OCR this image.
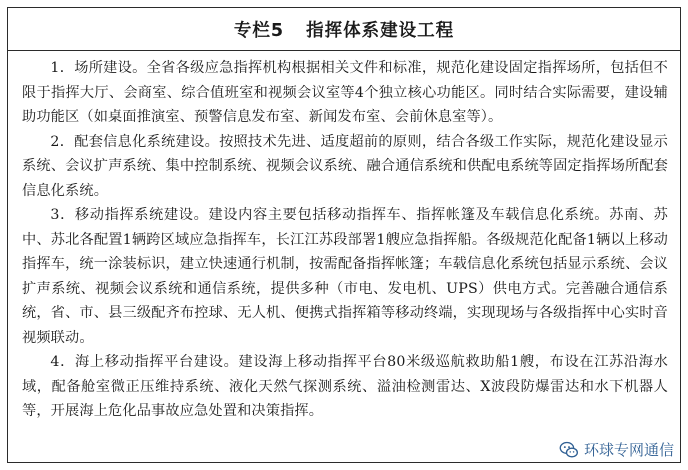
专栏5 指挥体系建设工程

1．场所建设。全省各级应急指挥机构根据相关文件和标准，规范化建设固定指挥场所，包括但不限于指挥大厅、会商室、综合值班室和视频会议室等4个独立核心功能区。同时结合实际需要，建设辅助功能区（如桌面推演室、预警信息发布室、新闻发布室、会前休息室等）。

2．配套信息化系统建设。按照技术先进、适度超前的原则，结合各级工作实际，规范化建设显示系统、会议扩声系统、集中控制系统、视频会议系统、融合通信系统和供配电系统等固定指挥场所配套信息化系统。

3．移动指挥系统建设。建设内容主要包括移动指挥车、指挥帐篷及车载信息化系统。苏南、苏中、苏北各配置1辆跨区域应急指挥车，长江江苏段部署1艘应急指挥船。各级规范化配备1辆以上移动指挥车，统一涂装标识，建立快速通行机制，按需配备指挥帐篷；车载信息化系统包括显示系统、会议扩声系统、视频会议系统和通信系统，提供多种（市电、发电机、UPS）供电方式。完善融合通信系统，省、市、县三级配齐布控球、无人机、便携式指挥箱等移动终端，实现现场与各级指挥中心实时音视频联动。

4．海上移动指挥平台建设。建设海上移动指挥平台80米级巡航救助船1艘，布设在江苏沿海水域，配备舱室微正压维持系统、液化天然气探测系统、溢油检测雷达、X波段防爆雷达和水下机器人等，开展海上危化品事故应急处置和决策指挥。

环球专网通信
